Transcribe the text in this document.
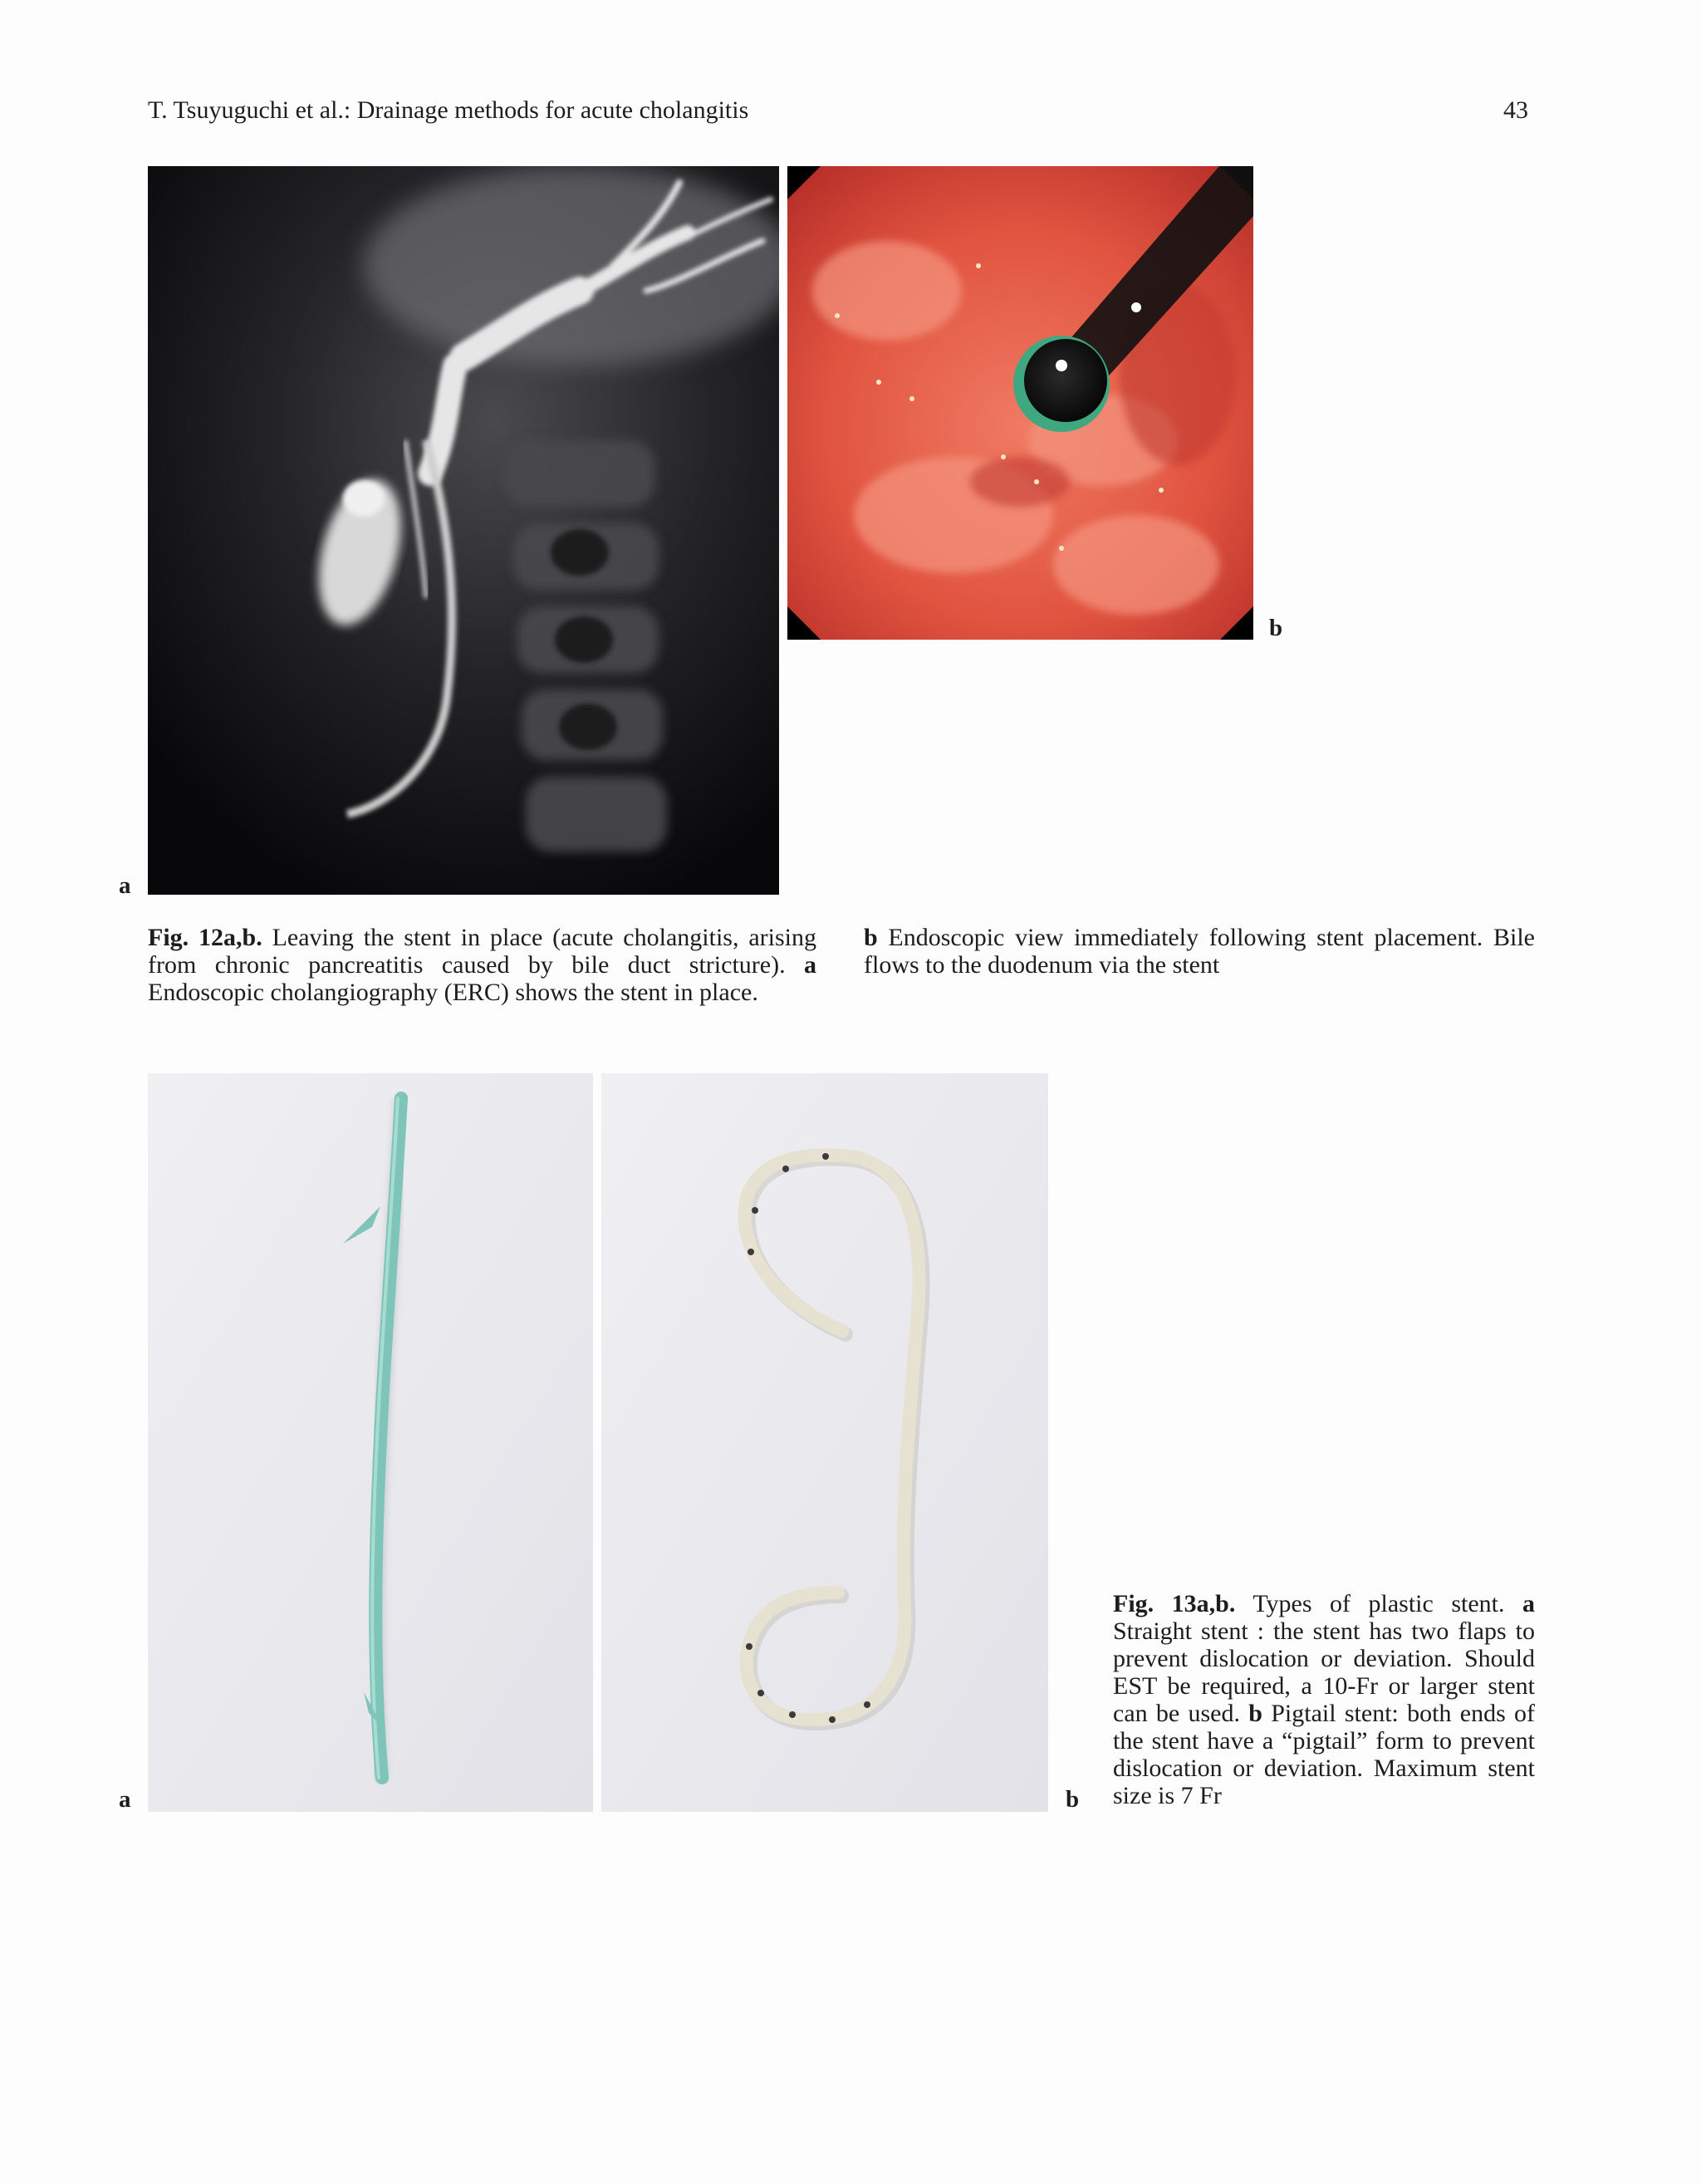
T. Tsuyuguchi et al.: Drainage methods for acute cholangitis	43
a
b
Fig. 12a,b. Leaving the stent in place (acute cholangitis, arising from chronic pancreatitis caused by bile duct stricture). a Endoscopic cholangiography (ERC) shows the stent in place.
b Endoscopic view immediately following stent placement. Bile flows to the duodenum via the stent
a	b
Fig. 13a,b. Types of plastic stent. a Straight stent : the stent has two flaps to prevent dislocation or deviation. Should EST be required, a 10-Fr or larger stent can be used. b Pigtail stent: both ends of the stent have a “pigtail” form to prevent dislocation or deviation. Maximum stent size is 7 Fr
